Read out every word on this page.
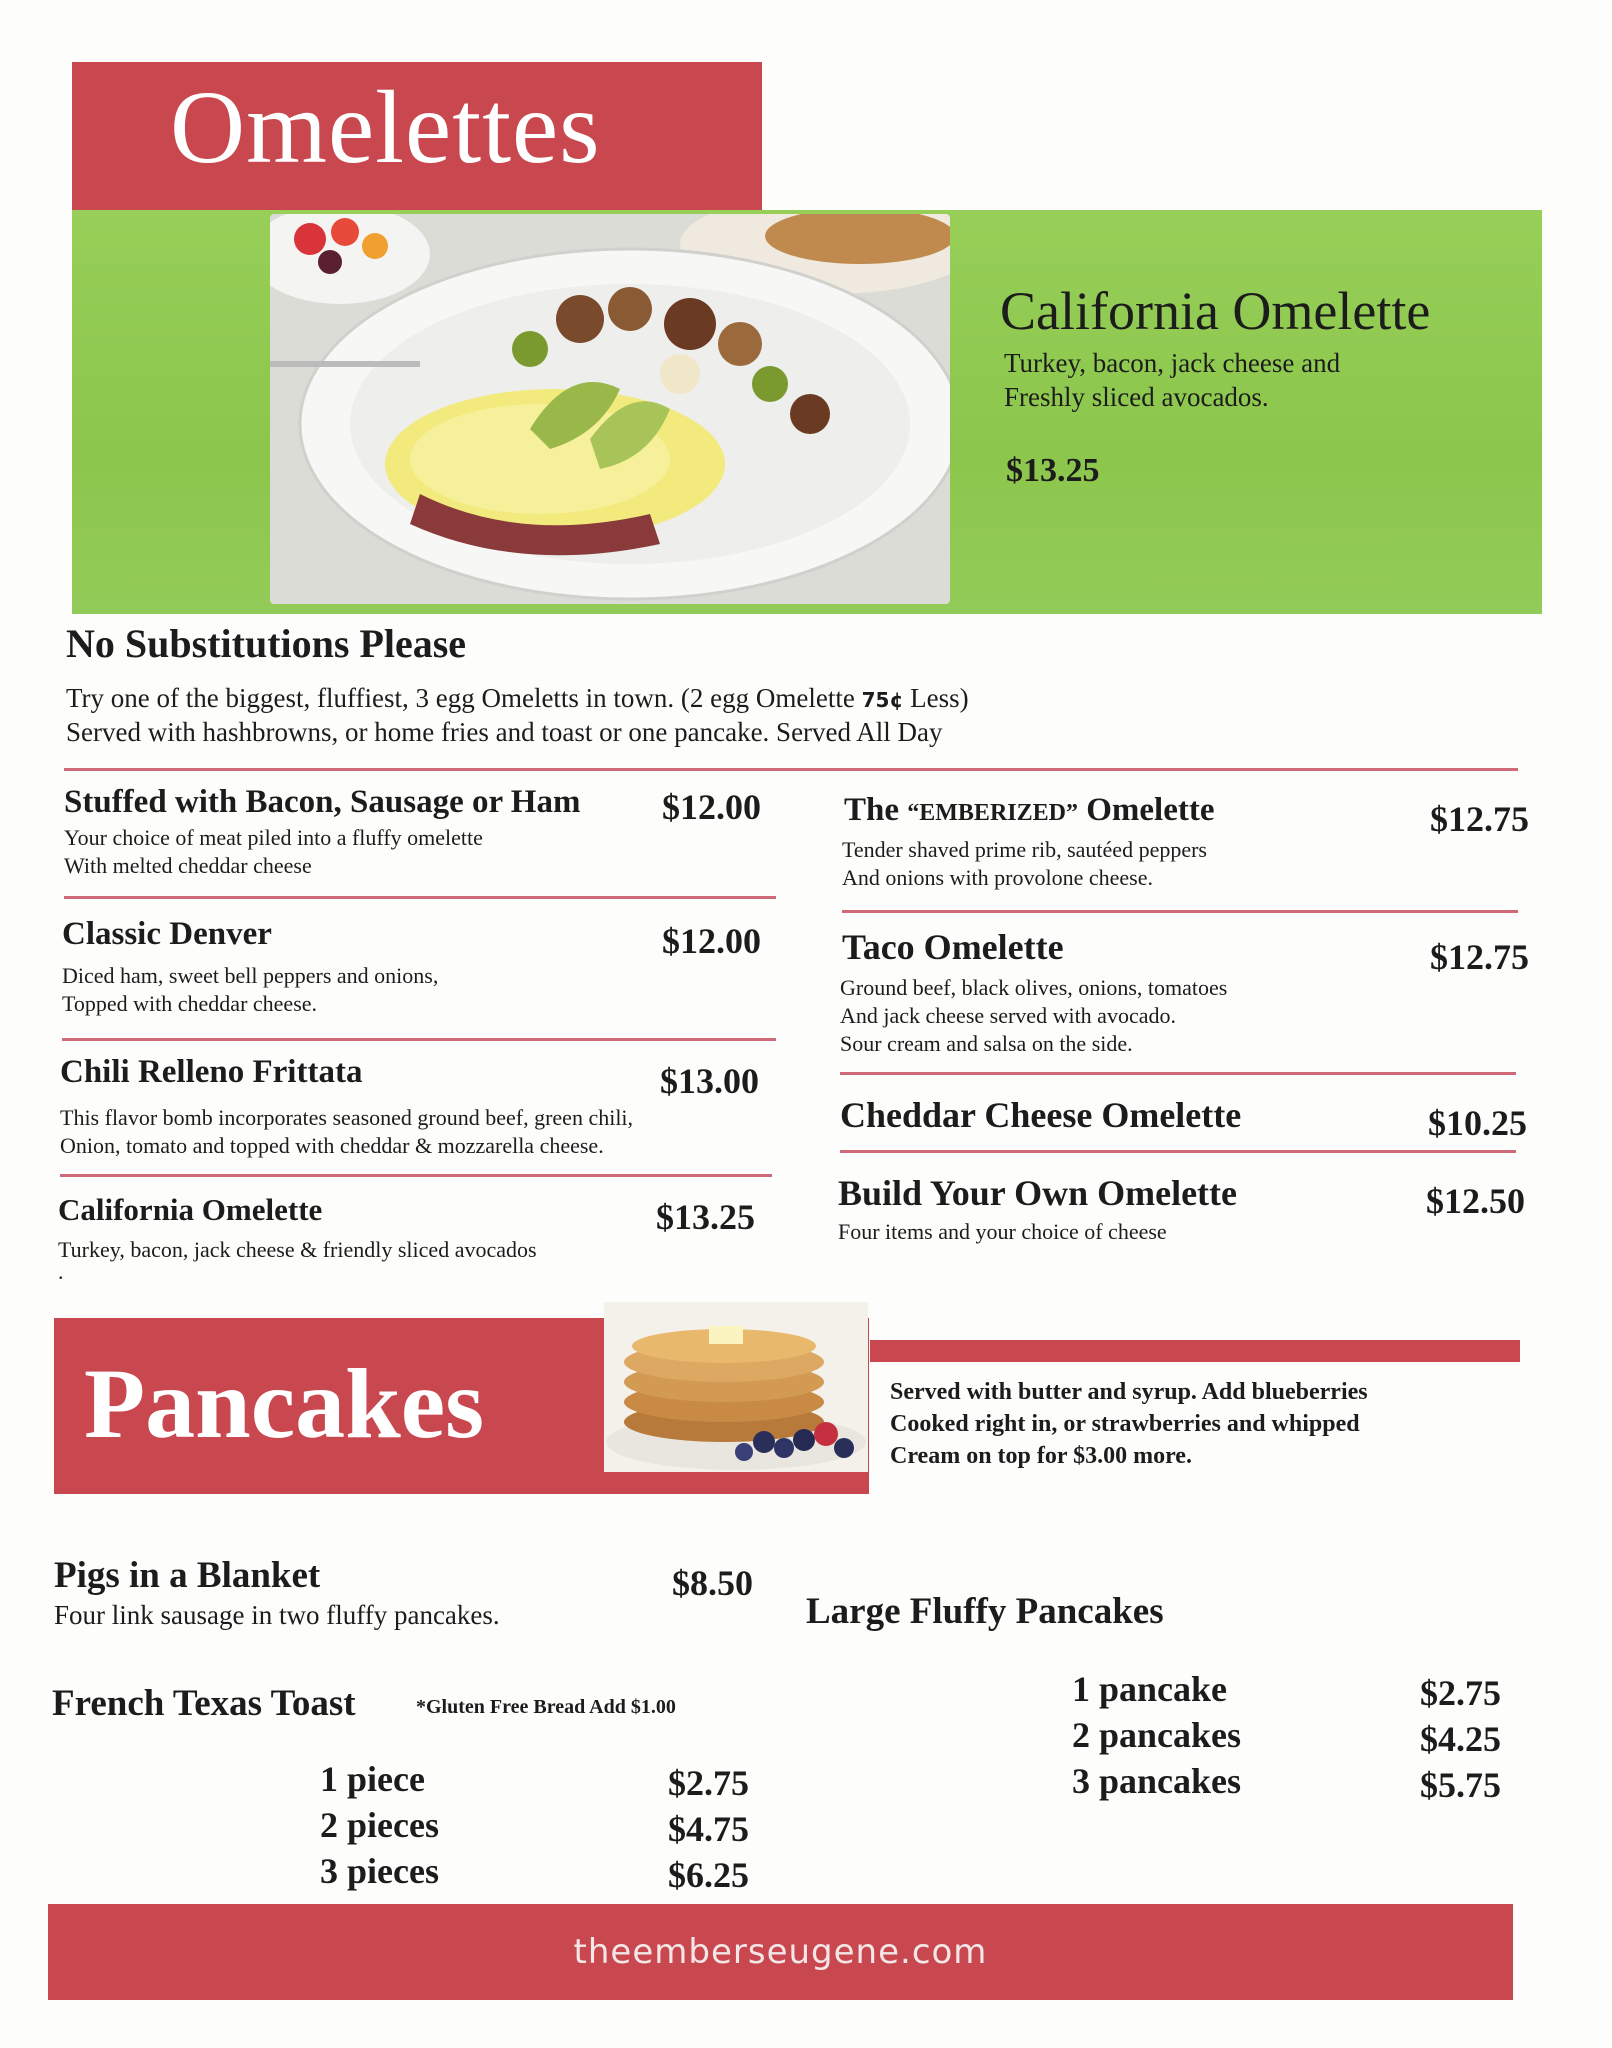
Omelettes
California Omelette
Turkey, bacon, jack cheese and
Freshly sliced avocados.
$13.25
No Substitutions Please
Try one of the biggest, fluffiest, 3 egg Omeletts in town. (2 egg Omelette 75¢ Less)
Served with hashbrowns, or home fries and toast or one pancake. Served All Day
Stuffed with Bacon, Sausage or Ham $12.00
Your choice of meat piled into a fluffy omelette
With melted cheddar cheese
Classic Denver	$12.00
Diced ham, sweet bell peppers and onions,
Topped with cheddar cheese.
Chili Relleno Frittata	$13.00
This flavor bomb incorporates seasoned ground beef, green chili,
Onion, tomato and topped with cheddar & mozzarella cheese.
California Omelette	$13.25
Turkey, bacon, jack cheese & friendly sliced avocados
.
The “EMBERIZED” Omelette	$12.75
Tender shaved prime rib, sautéed peppers
And onions with provolone cheese.
Taco Omelette	$12.75
Ground beef, black olives, onions, tomatoes
And jack cheese served with avocado.
Sour cream and salsa on the side.
Cheddar Cheese Omelette	$10.25
Build Your Own Omelette	$12.50
Four items and your choice of cheese
Pancakes	Served with butter and syrup. Add blueberries
Cooked right in, or strawberries and whipped
Cream on top for $3.00 more.
Pigs in a Blanket	$8.50
Four link sausage in two fluffy pancakes.
French Texas Toast	*Gluten Free Bread Add $1.00
1 piece	$2.75
2 pieces	$4.75
3 pieces	$6.25
Large Fluffy Pancakes
1 pancake	$2.75
2 pancakes	$4.25
3 pancakes	$5.75
theemberseugene.com
